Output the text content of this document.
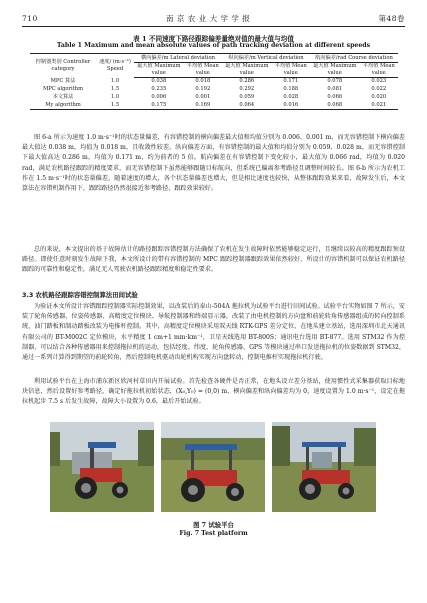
710	南 京 农 业 大 学 学 报	第48卷
表 1 不同速度下路径跟踪偏差量绝对值的最大值与均值
Table 1 Maximum and mean absolute values of path tracking deviation at different speeds
控制器类别 Controller category	速度/ (m·s⁻¹) Speed	横向偏差/m Lateral deviation		纵向偏差/m Vertical deviation		航向偏差/rad Course deviation	
		最大值 Maximum value	平均值 Mean value	最大值 Maximum value	平均值 Mean value	最大值 Maximum value	平均值 Mean value
MPC 算法	1.0	0.038	0.018	0.286	0.171	0.078	0.023
MPC algorithm	1.5	0.235	0.192	0.292	0.188	0.081	0.022
本文算法	1.0	0.006	0.001	0.059	0.028	0.066	0.020
My algorithm	1.5	0.175	0.169	0.064	0.016	0.068	0.021
图 6-a 所示为速度 1.0 m·s⁻¹时的状态量偏差，有容错控制的横向偏差最大值和均值分别为 0.006、0.001 m，而无容错控制下横向偏差最大值达 0.038 m，均值为 0.018 m，且收敛性较差。纵向偏差方面，有容错控制的最大值和均值分别为 0.059、0.028 m，而无容错控制下最大值高达 0.286 m，均值为 0.171 m，约为前者的 5 倍。航向偏差在有容错控制下变化较小，最大值为 0.066 rad，均值为 0.020 rad，满足农机路径跟踪的精度要求，而无容错控制下虽然能够跟随目标航向，但系统已偏离参考路径且调整时间较长。图 6-b 所示为农机工作在 1.5 m·s⁻¹时的状态量偏差，随着速度的增大，各个状态量偏差也增大，但是相比速度也较快，从整体跟踪效果来看，故障发生后，本文算法在容错机制作用下，跟踪路径仍然很接近参考路径，跟踪效果较好。
总的来说，本文提出的基于故障估计的路径跟踪容错控制方法确保了农机在发生故障时依然能够稳定运行，且继续以较高的精度跟踪预设路径。即使任意时刻发生故障下我，本文所设计的带有容错控制的 MPC 跟踪控制器跟踪效果依然较好，所设计的容错机制可以保证农机路径跟踪的可靠性和稳定性，满足无人驾驶农机路径跟踪精度和稳定性要求。
3.3 农机路径跟踪容错控制算法田间试验
为验证本文所设计容错跟踪控制器实际控制效果，以改装后的泰山-504A 拖拉机为试验平台进行田间试验。试验平台实物如图 7 所示，安装了轮角传感器、位姿传感器、高精度定位模块、导航控制器和终端显示器，改装了由电机控制的方向盘和前轮转角传感器组成的转向控制系统，油门踏板和制动踏板改装为电推杆控制。其中，高精度定位模块采用双天线 RTK-GPS 差分定位，在地头建立基站，选用深圳市北天通讯有限公司的 BT-M002C 定位模块，水平精度 1 cm+1 mm·km⁻¹，卫星天线选用 BT-800S；通讯电台选用 BT-877。选用 STM32 作为控制器，可以结合各种传感器用来控制拖拉机的运动，包括经度、纬度、轮角传感器、GPS 等模块通过串口发送拖拉机的位姿数据到 STM32，通过一系列计算得到期望的前轮转角，然后控制电机驱动齿轮机构实现方向盘转动，控制电推杆实现拖拉机行驶。
利用试验平台在上海市浦东新区欣河村草田内开展试验。首先检查各硬件是否正常，在地头设立差分基站，使用惯性式采集器获取目标地块信息，然后设置好参考路径，确定好拖拉机初始状态，(X₀,Y₀) = (0,0) m，横向偏差和纵向偏差均为 0，速度设置为 1.0 m·s⁻¹，设定在拖拉机起步 7.5 s 后发生故障，故障大小设置为 0.6，最后开始试验。
图 7 试验平台
Fig. 7 Test platform
